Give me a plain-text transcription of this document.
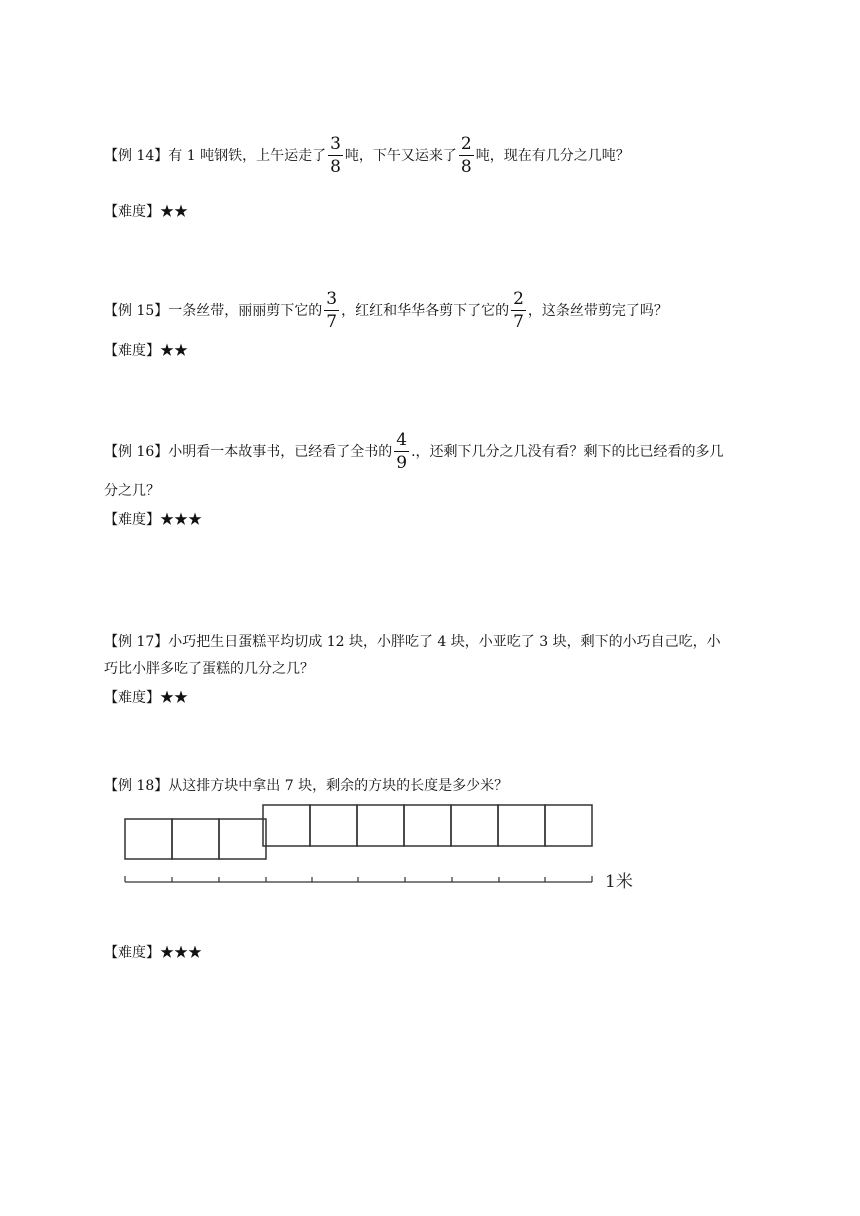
【例 14】有 1 吨钢铁，上午运走了 $\frac{3}{8}$ 吨，下午又运来了 $\frac{2}{8}$ 吨，现在有几分之几吨？
【难度】★★
【例 15】一条丝带，丽丽剪下它的 $\frac{3}{7}$ ，红红和华华各剪下了它的 $\frac{2}{7}$ ，这条丝带剪完了吗？
【难度】★★
【例 16】小明看一本故事书，已经看了全书的 $\frac{4}{9}$ .，还剩下几分之几没有看？剩下的比已经看的多几
分之几？
【难度】★★★
【例 17】小巧把生日蛋糕平均切成 12 块，小胖吃了 4 块，小亚吃了 3 块，剩下的小巧自己吃，小
巧比小胖多吃了蛋糕的几分之几？
【难度】★★
【例 18】从这排方块中拿出 7 块，剩余的方块的长度是多少米？
1米
【难度】★★★
